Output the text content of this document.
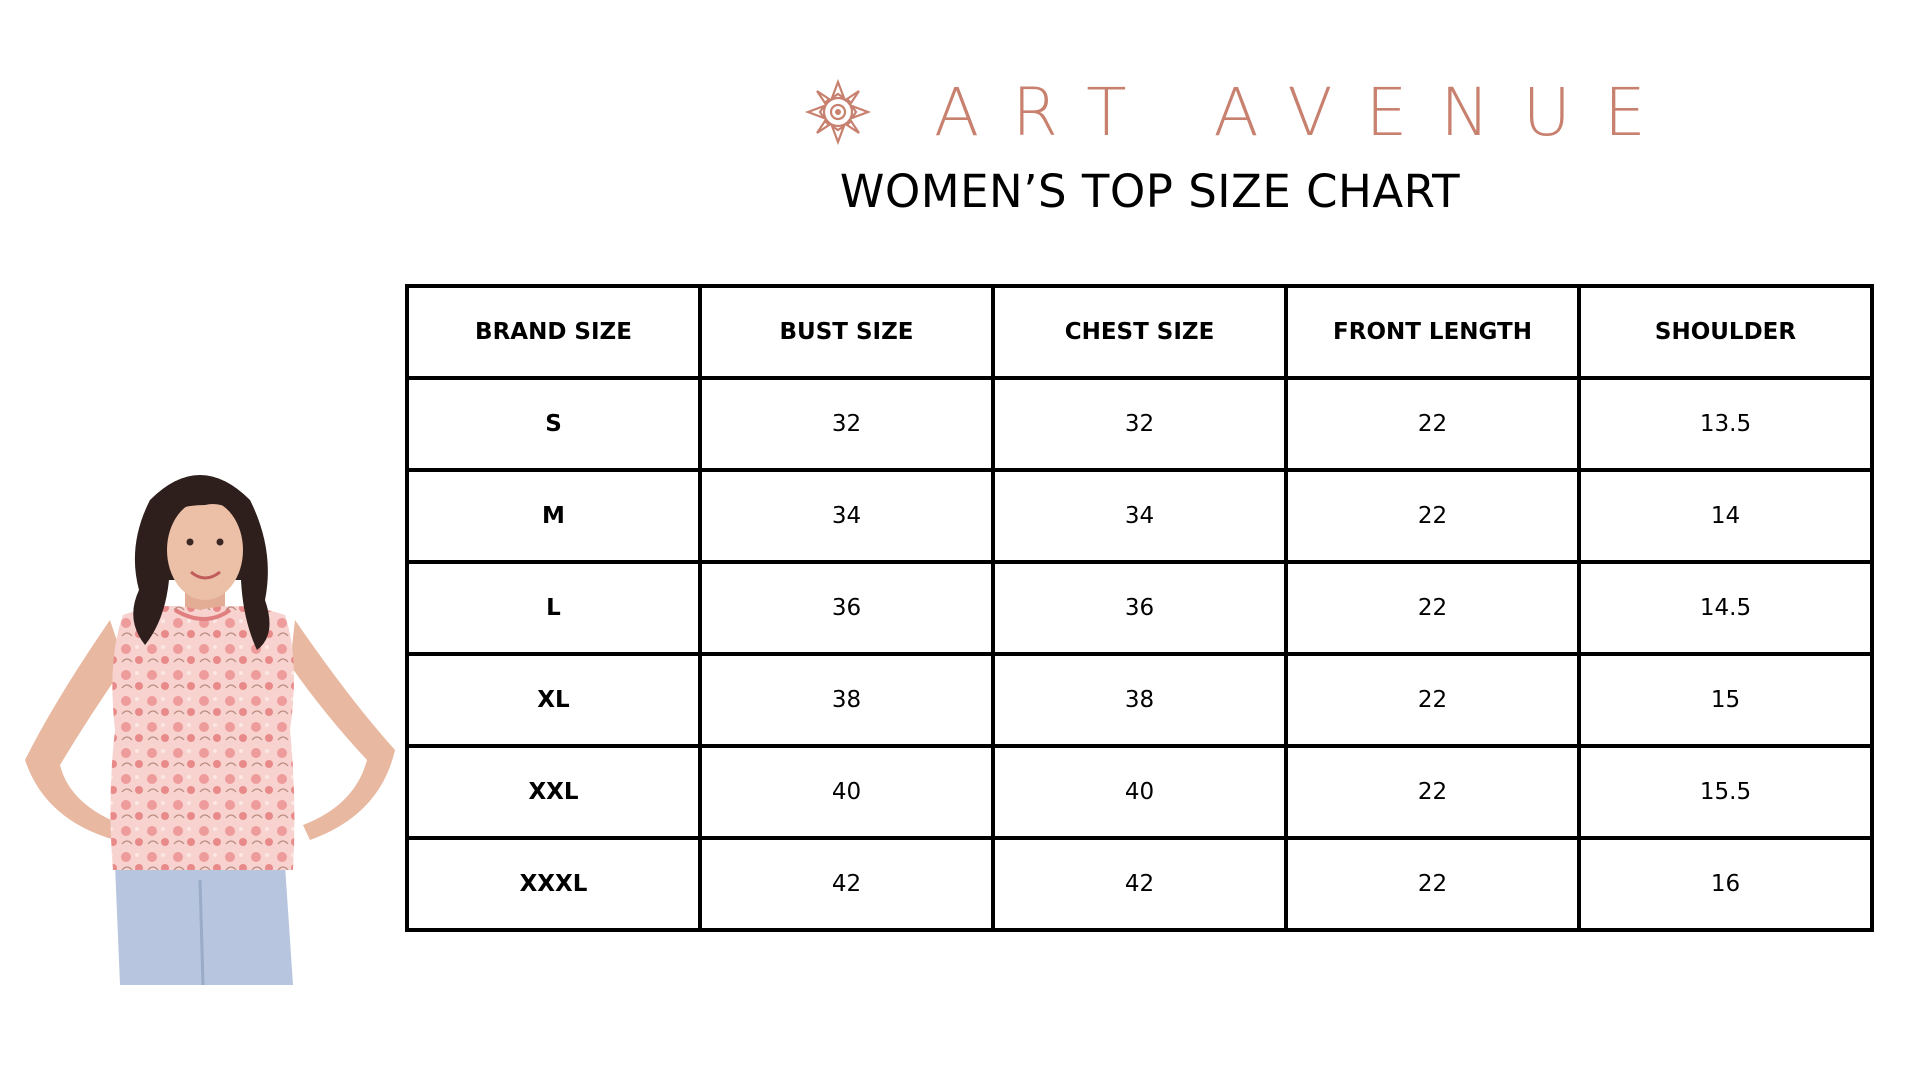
ART AVENUE
WOMEN’S TOP SIZE CHART
BRAND SIZE	BUST SIZE	CHEST SIZE	FRONT LENGTH	SHOULDER
S	32	32	22	13.5
M	34	34	22	14
L	36	36	22	14.5
XL	38	38	22	15
XXL	40	40	22	15.5
XXXL	42	42	22	16
